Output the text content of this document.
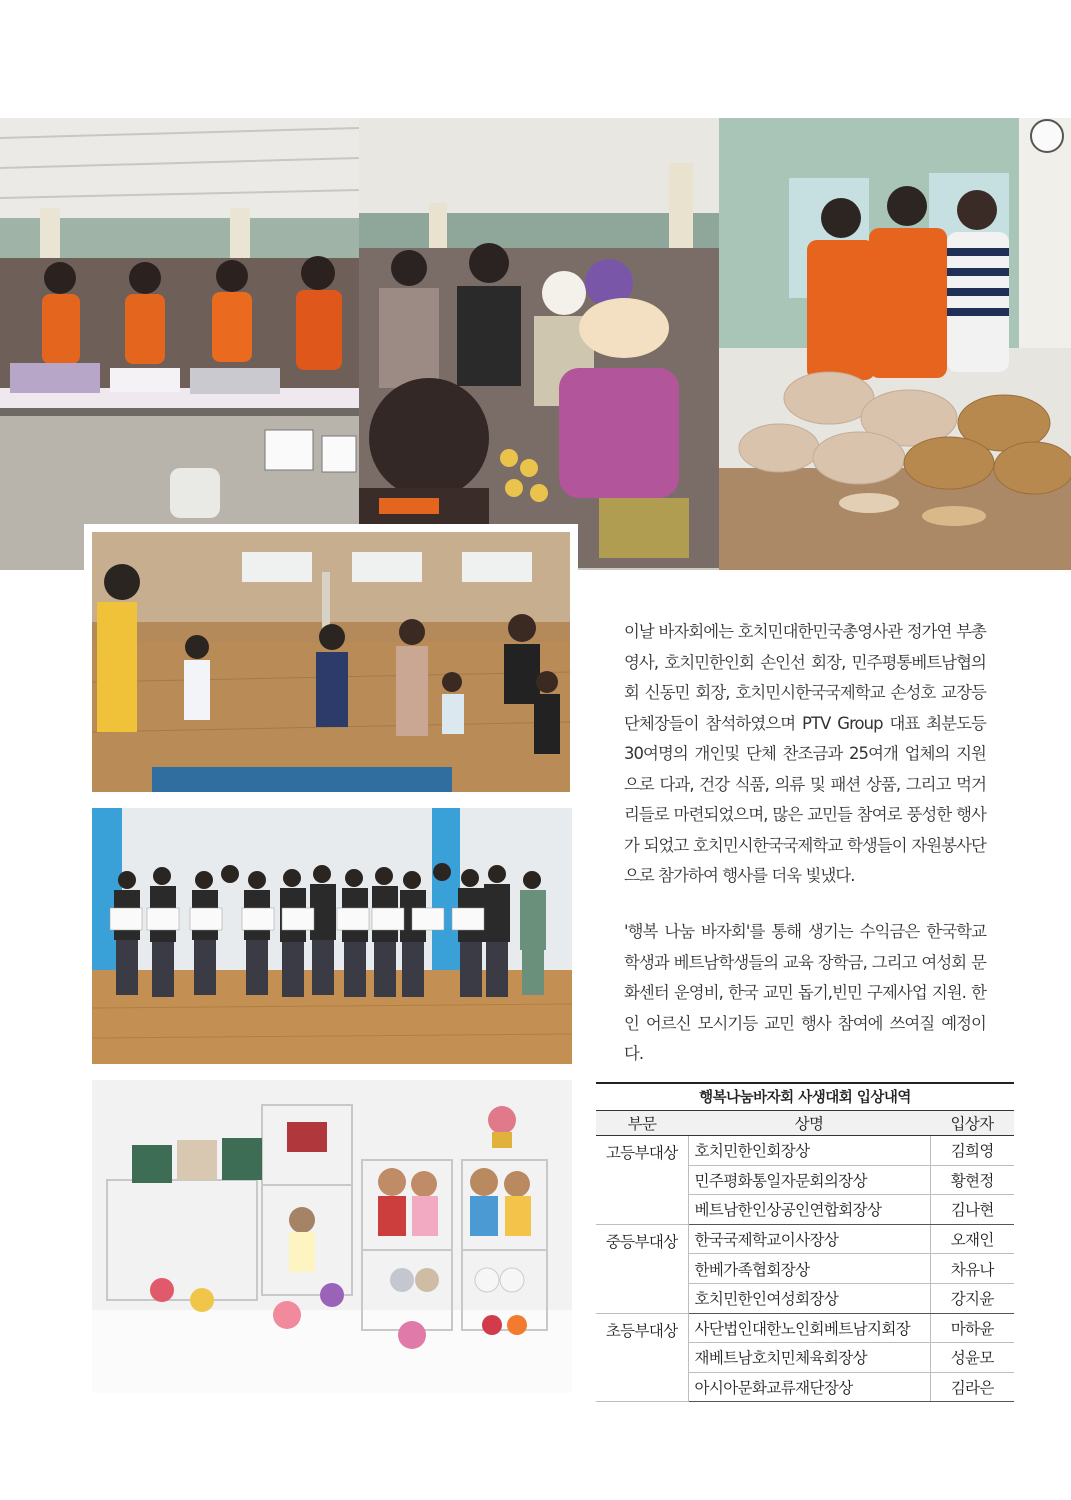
이날 바자회에는 호치민대한민국총영사관 정가연 부총영사, 호치민한인회 손인선 회장, 민주평통베트남협의회 신동민 회장, 호치민시한국국제학교 손성호 교장등 단체장들이 참석하였으며 PTV Group 대표 최분도등 30여명의 개인및 단체 찬조금과 25여개 업체의 지원으로 다과, 건강 식품, 의류 및 패션 상품, 그리고 먹거리들로 마련되었으며, 많은 교민들 참여로 풍성한 행사가 되었고 호치민시한국국제학교 학생들이 자원봉사단으로 참가하여 행사를 더욱 빛냈다.

'행복 나눔 바자회'를 통해 생기는 수익금은 한국학교 학생과 베트남학생들의 교육 장학금, 그리고 여성회 문화센터 운영비, 한국 교민 돕기,빈민 구제사업 지원. 한인 어르신 모시기등 교민 행사 참여에 쓰여질 예정이다.

행복나눔바자회 사생대회 입상내역
부문	상명	입상자
고등부대상	호치민한인회장상	김희영
	민주평화통일자문회의장상	황현정
	베트남한인상공인연합회장상	김나현
중등부대상	한국국제학교이사장상	오재인
	한베가족협회장상	차유나
	호치민한인여성회장상	강지윤
초등부대상	사단법인대한노인회베트남지회장	마하윤
	재베트남호치민체육회장상	성윤모
	아시아문화교류재단장상	김라은
